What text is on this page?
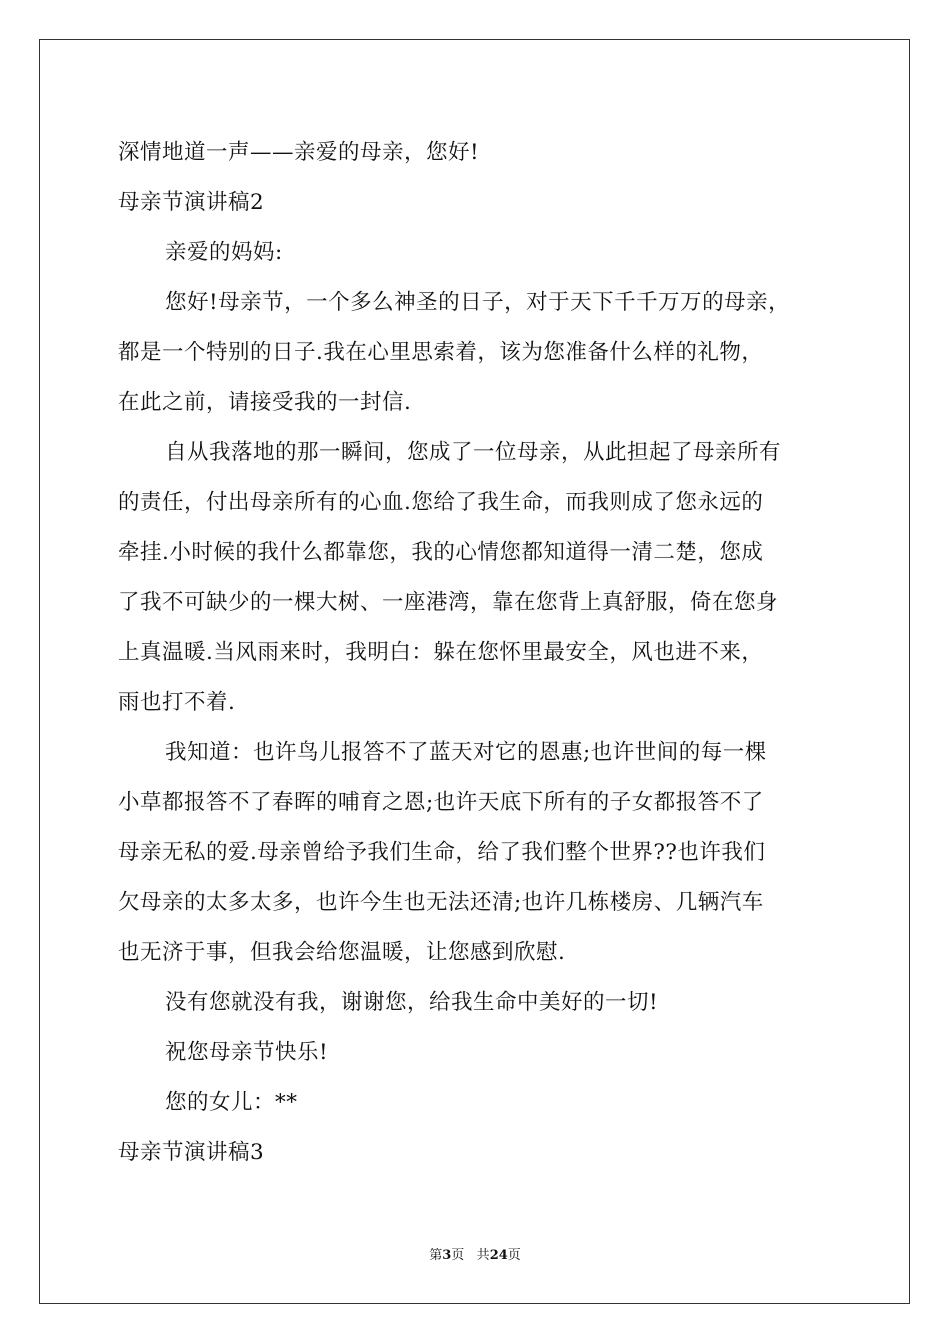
深情地道一声——亲爱的母亲，您好!
母亲节演讲稿2
亲爱的妈妈:
您好!母亲节，一个多么神圣的日子，对于天下千千万万的母亲，
都是一个特别的日子.我在心里思索着，该为您准备什么样的礼物，
在此之前，请接受我的一封信.
自从我落地的那一瞬间，您成了一位母亲，从此担起了母亲所有
的责任，付出母亲所有的心血.您给了我生命，而我则成了您永远的
牵挂.小时候的我什么都靠您，我的心情您都知道得一清二楚，您成
了我不可缺少的一棵大树、一座港湾，靠在您背上真舒服，倚在您身
上真温暖.当风雨来时，我明白：躲在您怀里最安全，风也进不来，
雨也打不着.
我知道：也许鸟儿报答不了蓝天对它的恩惠;也许世间的每一棵
小草都报答不了春晖的哺育之恩;也许天底下所有的子女都报答不了
母亲无私的爱.母亲曾给予我们生命，给了我们整个世界??也许我们
欠母亲的太多太多，也许今生也无法还清;也许几栋楼房、几辆汽车
也无济于事，但我会给您温暖，让您感到欣慰.
没有您就没有我，谢谢您，给我生命中美好的一切!
祝您母亲节快乐!
您的女儿：**
母亲节演讲稿3
第3页 共24页
